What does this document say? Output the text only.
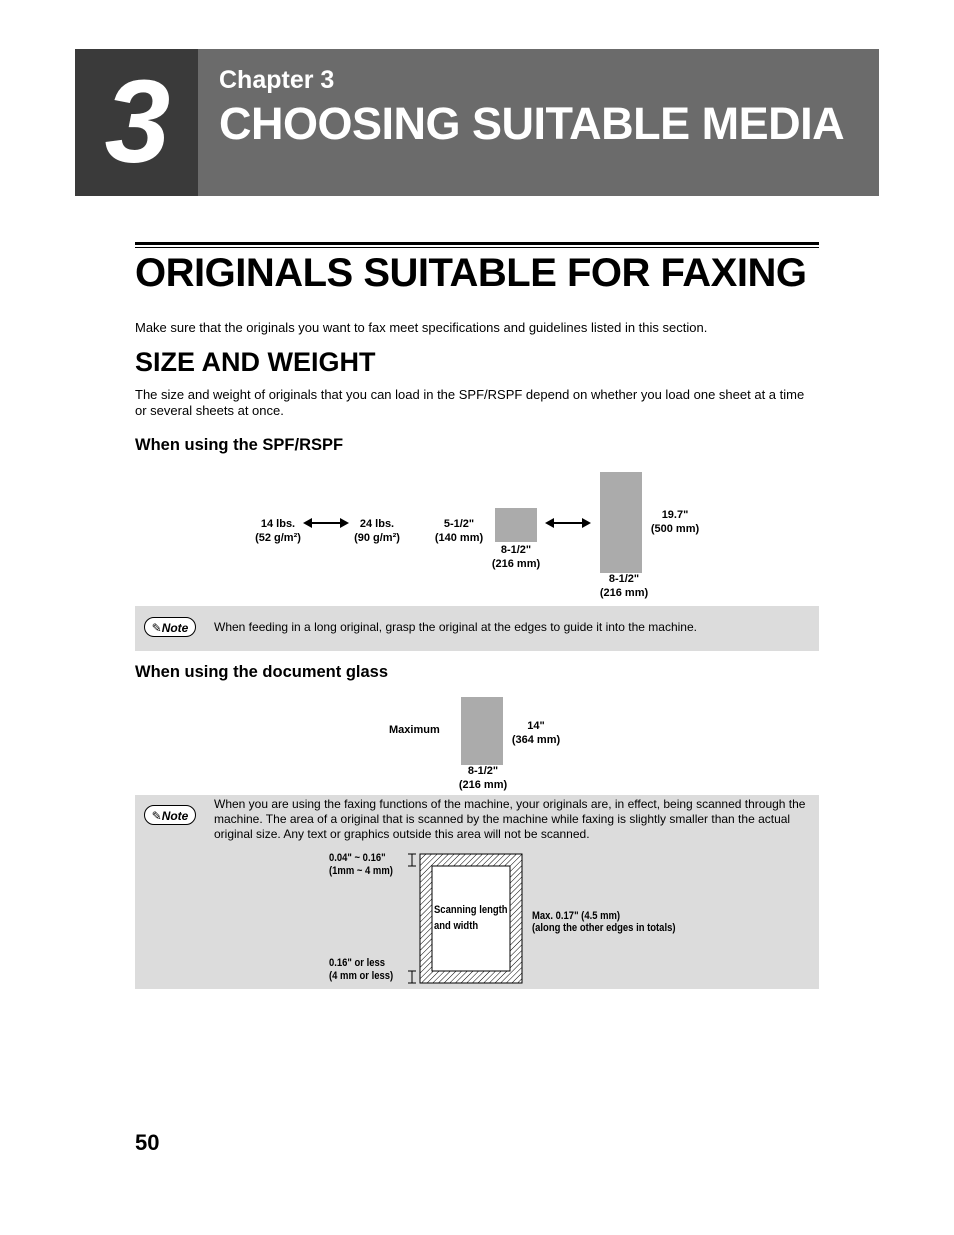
3	Chapter 3
CHOOSING SUITABLE MEDIA
ORIGINALS SUITABLE FOR FAXING
Make sure that the originals you want to fax meet specifications and guidelines listed in this section.
SIZE AND WEIGHT
The size and weight of originals that you can load in the SPF/RSPF depend on whether you load one sheet at a time or several sheets at once.
When using the SPF/RSPF
14 lbs.
(52 g/m²)
24 lbs.
(90 g/m²)
5-1/2"
(140 mm)
8-1/2"
(216 mm)
19.7"
(500 mm)
8-1/2"
(216 mm)
✎Note	When feeding in a long original, grasp the original at the edges to guide it into the machine.
When using the document glass
Maximum	14"
(364 mm)
8-1/2"
(216 mm)
✎Note
When you are using the faxing functions of the machine, your originals are, in effect, being scanned through the machine. The area of a original that is scanned by the machine while faxing is slightly smaller than the actual original size. Any text or graphics outside this area will not be scanned.
0.04" ~ 0.16"
(1mm ~ 4 mm)
0.16" or less
(4 mm or less)
Scanning length
and width
Max. 0.17" (4.5 mm)
(along the other edges in totals)
50
